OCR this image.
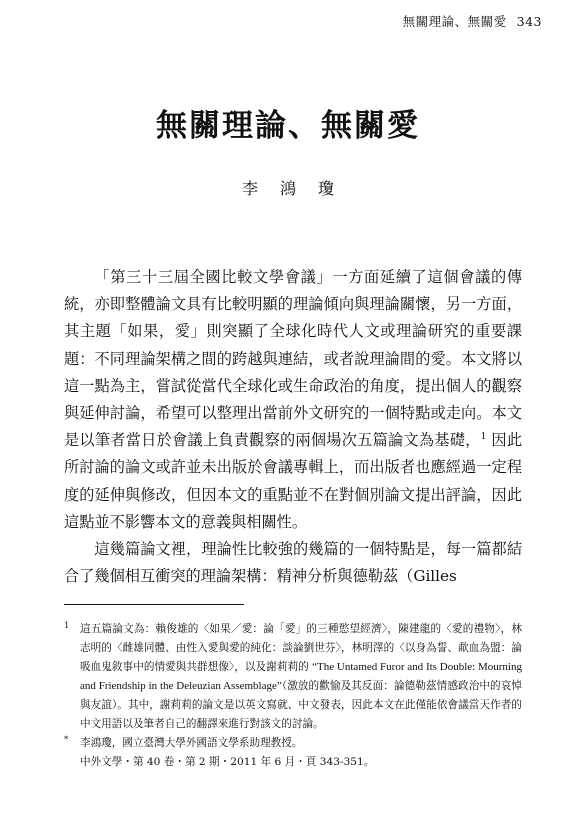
無關理論、無關愛 343
無關理論、無關愛
李鴻瓊

「第三十三屆全國比較文學會議」一方面延續了這個會議的傳統，亦即整體論文具有比較明顯的理論傾向與理論關懷，另一方面，其主題「如果，愛」則突顯了全球化時代人文或理論研究的重要課題：不同理論架構之間的跨越與連結，或者說理論間的愛。本文將以這一點為主，嘗試從當代全球化或生命政治的角度，提出個人的觀察與延伸討論，希望可以整理出當前外文研究的一個特點或走向。本文是以筆者當日於會議上負責觀察的兩個場次五篇論文為基礎，$^1$ 因此所討論的論文或許並未出版於會議專輯上，而出版者也應經過一定程度的延伸與修改，但因本文的重點並不在對個別論文提出評論，因此這點並不影響本文的意義與相關性。

這幾篇論文裡，理論性比較強的幾篇的一個特點是，每一篇都結合了幾個相互衝突的理論架構：精神分析與德勒茲（Gilles

1 這五篇論文為：賴俊雄的〈如果／愛：論「愛」的三種慾望經濟〉，陳建龍的〈愛的禮物〉，林志明的〈雌雄同體、由性入愛與愛的純化：談論劉世芬〉，林明澤的〈以身為誓、歃血為盟：論吸血鬼敘事中的情愛與共群想像〉，以及謝莉莉的 “The Untamed Furor and Its Double: Mourning and Friendship in the Deleuzian Assemblage”（激放的歡愉及其反面：論德勒茲情感政治中的哀悼與友誼）。其中，謝莉莉的論文是以英文寫就、中文發表，因此本文在此僅能依會議當天作者的中文用語以及筆者自己的翻譯來進行對該文的討論。
* 李鴻瓊，國立臺灣大學外國語文學系助理教授。
中外文學・第 40 卷・第 2 期・2011 年 6 月・頁 343-351。
